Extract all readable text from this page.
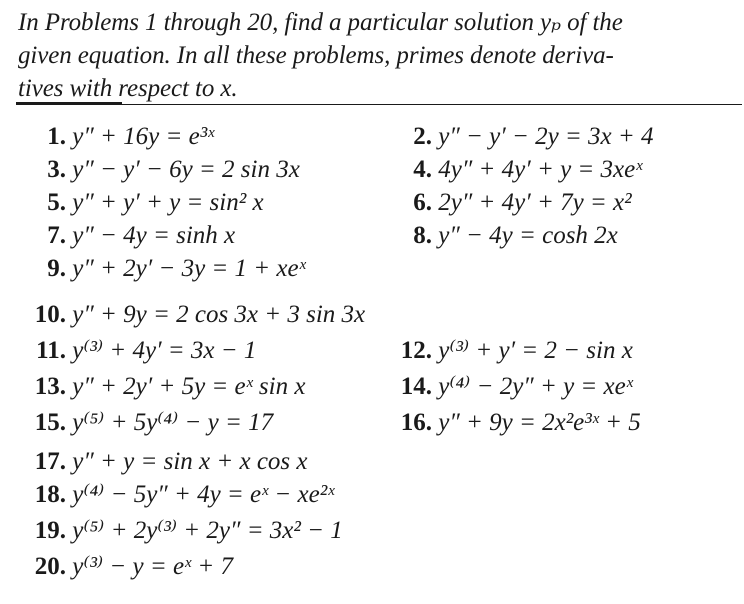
In Problems 1 through 20, find a particular solution yₚ of the
given equation. In all these problems, primes denote deriva-
tives with respect to x.

1. y″ + 16y = e³ˣ	2. y″ − y′ − 2y = 3x + 4
3. y″ − y′ − 6y = 2 sin 3x	4. 4y″ + 4y′ + y = 3xeˣ
5. y″ + y′ + y = sin² x	6. 2y″ + 4y′ + 7y = x²
7. y″ − 4y = sinh x	8. y″ − 4y = cosh 2x
9. y″ + 2y′ − 3y = 1 + xeˣ
10. y″ + 9y = 2 cos 3x + 3 sin 3x
11. y⁽³⁾ + 4y′ = 3x − 1	12. y⁽³⁾ + y′ = 2 − sin x
13. y″ + 2y′ + 5y = eˣ sin x	14. y⁽⁴⁾ − 2y″ + y = xeˣ
15. y⁽⁵⁾ + 5y⁽⁴⁾ − y = 17	16. y″ + 9y = 2x²e³ˣ + 5
17. y″ + y = sin x + x cos x
18. y⁽⁴⁾ − 5y″ + 4y = eˣ − xe²ˣ
19. y⁽⁵⁾ + 2y⁽³⁾ + 2y″ = 3x² − 1
20. y⁽³⁾ − y = eˣ + 7
